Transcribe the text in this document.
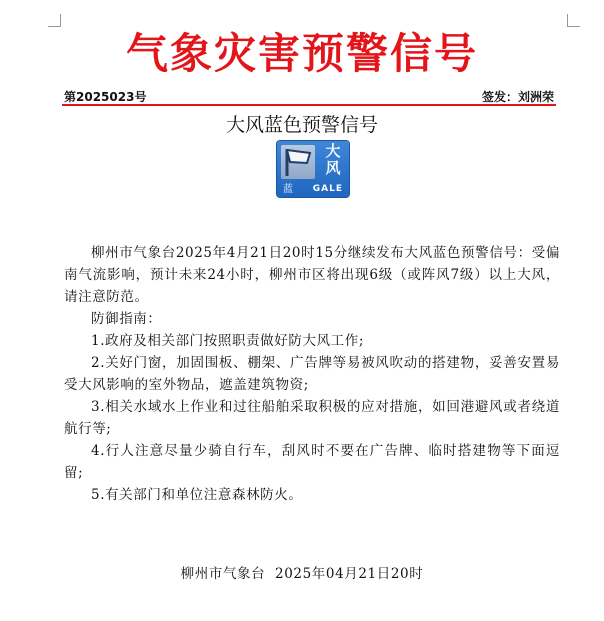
气象灾害预警信号
第2025023号	签发：刘洲荣
大风蓝色预警信号
大风
蓝 GALE

柳州市气象台2025年4月21日20时15分继续发布大风蓝色预警信号：受偏南气流影响，预计未来24小时，柳州市区将出现6级（或阵风7级）以上大风，请注意防范。

防御指南：

1.政府及相关部门按照职责做好防大风工作;

2.关好门窗，加固围板、棚架、广告牌等易被风吹动的搭建物，妥善安置易受大风影响的室外物品，遮盖建筑物资;

3.相关水域水上作业和过往船舶采取积极的应对措施，如回港避风或者绕道航行等;

4.行人注意尽量少骑自行车，刮风时不要在广告牌、临时搭建物等下面逗留;

5.有关部门和单位注意森林防火。

柳州市气象台  2025年04月21日20时
